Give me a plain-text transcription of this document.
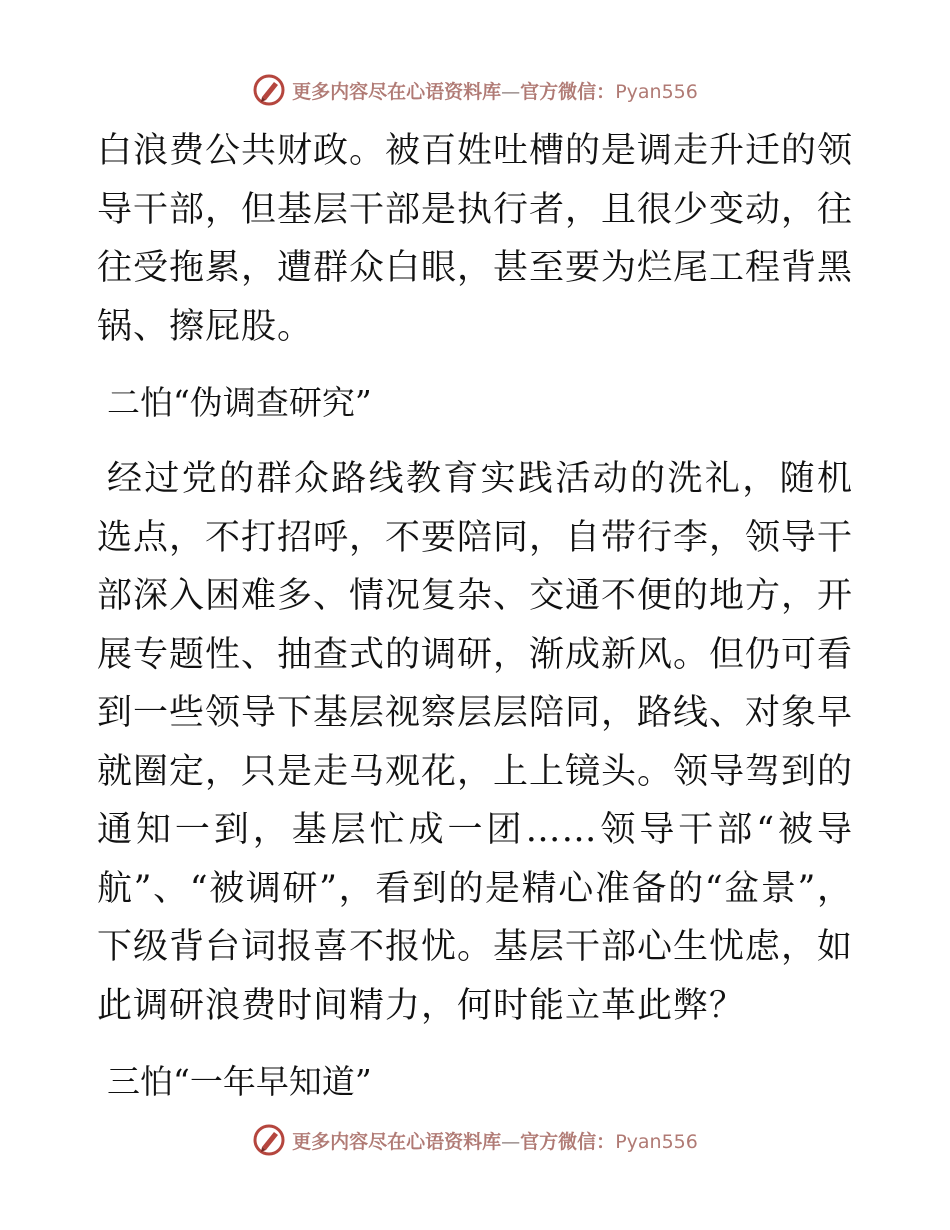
更多内容尽在心语资料库—官方微信：Pyan556

白浪费公共财政。被百姓吐槽的是调走升迁的领导干部，但基层干部是执行者，且很少变动，往往受拖累，遭群众白眼，甚至要为烂尾工程背黑锅、擦屁股。

二怕“伪调查研究”

经过党的群众路线教育实践活动的洗礼，随机选点，不打招呼，不要陪同，自带行李，领导干部深入困难多、情况复杂、交通不便的地方，开展专题性、抽查式的调研，渐成新风。但仍可看到一些领导下基层视察层层陪同，路线、对象早就圈定，只是走马观花，上上镜头。领导驾到的通知一到，基层忙成一团……领导干部“被导航”、“被调研”，看到的是精心准备的“盆景”，下级背台词报喜不报忧。基层干部心生忧虑，如此调研浪费时间精力，何时能立革此弊？

三怕“一年早知道”

更多内容尽在心语资料库—官方微信：Pyan556
